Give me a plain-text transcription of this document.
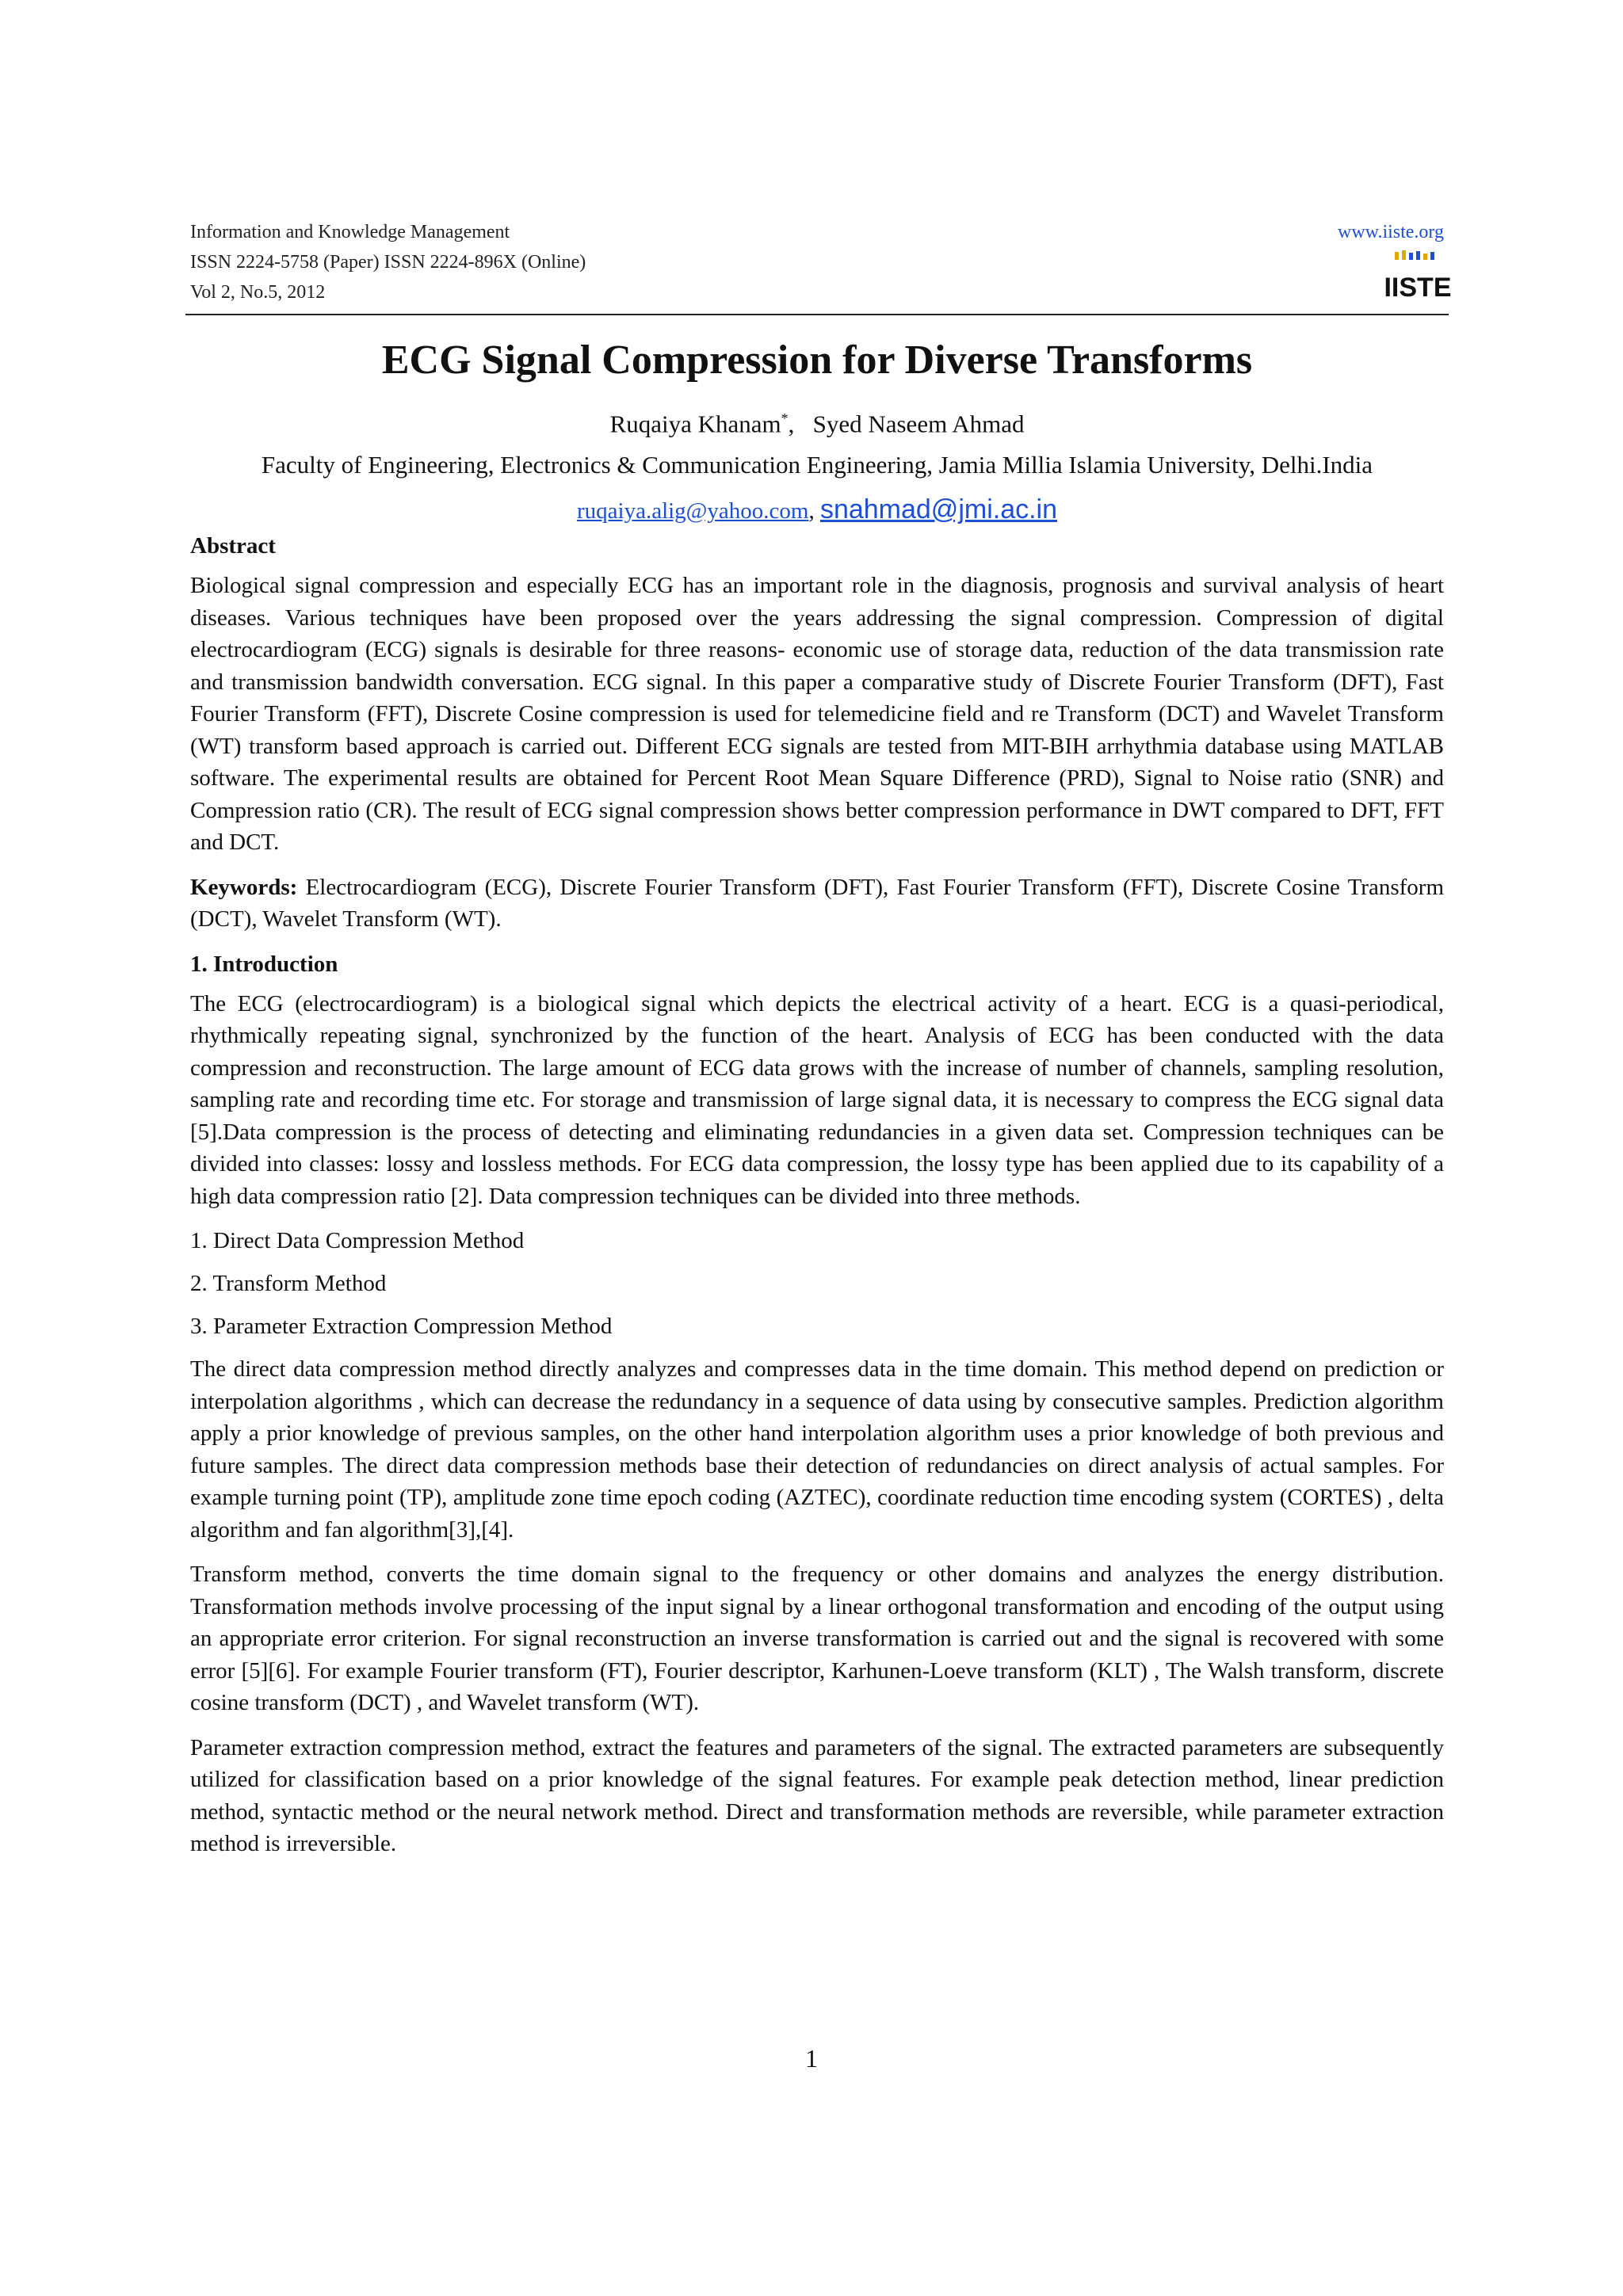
Information and Knowledge Management
ISSN 2224-5758 (Paper) ISSN 2224-896X (Online)
Vol 2, No.5, 2012
www.iiste.org
IISTE
ECG Signal Compression for Diverse Transforms
Ruqaiya Khanam*, Syed Naseem Ahmad
Faculty of Engineering, Electronics & Communication Engineering, Jamia Millia Islamia University, Delhi.India
ruqaiya.alig@yahoo.com, snahmad@jmi.ac.in
Abstract

Biological signal compression and especially ECG has an important role in the diagnosis, prognosis and survival analysis of heart diseases. Various techniques have been proposed over the years addressing the signal compression. Compression of digital electrocardiogram (ECG) signals is desirable for three reasons- economic use of storage data, reduction of the data transmission rate and transmission bandwidth conversation. ECG signal. In this paper a comparative study of Discrete Fourier Transform (DFT), Fast Fourier Transform (FFT), Discrete Cosine compression is used for telemedicine field and re Transform (DCT) and Wavelet Transform (WT) transform based approach is carried out. Different ECG signals are tested from MIT-BIH arrhythmia database using MATLAB software. The experimental results are obtained for Percent Root Mean Square Difference (PRD), Signal to Noise ratio (SNR) and Compression ratio (CR). The result of ECG signal compression shows better compression performance in DWT compared to DFT, FFT and DCT.

Keywords: Electrocardiogram (ECG), Discrete Fourier Transform (DFT), Fast Fourier Transform (FFT), Discrete Cosine Transform (DCT), Wavelet Transform (WT).

1. Introduction

The ECG (electrocardiogram) is a biological signal which depicts the electrical activity of a heart. ECG is a quasi-periodical, rhythmically repeating signal, synchronized by the function of the heart. Analysis of ECG has been conducted with the data compression and reconstruction. The large amount of ECG data grows with the increase of number of channels, sampling resolution, sampling rate and recording time etc. For storage and transmission of large signal data, it is necessary to compress the ECG signal data [5].Data compression is the process of detecting and eliminating redundancies in a given data set. Compression techniques can be divided into classes: lossy and lossless methods. For ECG data compression, the lossy type has been applied due to its capability of a high data compression ratio [2]. Data compression techniques can be divided into three methods.

1. Direct Data Compression Method
2. Transform Method
3. Parameter Extraction Compression Method

The direct data compression method directly analyzes and compresses data in the time domain. This method depend on prediction or interpolation algorithms , which can decrease the redundancy in a sequence of data using by consecutive samples. Prediction algorithm apply a prior knowledge of previous samples, on the other hand interpolation algorithm uses a prior knowledge of both previous and future samples. The direct data compression methods base their detection of redundancies on direct analysis of actual samples. For example turning point (TP), amplitude zone time epoch coding (AZTEC), coordinate reduction time encoding system (CORTES) , delta algorithm and fan algorithm[3],[4].

Transform method, converts the time domain signal to the frequency or other domains and analyzes the energy distribution. Transformation methods involve processing of the input signal by a linear orthogonal transformation and encoding of the output using an appropriate error criterion. For signal reconstruction an inverse transformation is carried out and the signal is recovered with some error [5][6]. For example Fourier transform (FT), Fourier descriptor, Karhunen-Loeve transform (KLT) , The Walsh transform, discrete cosine transform (DCT) , and Wavelet transform (WT).

Parameter extraction compression method, extract the features and parameters of the signal. The extracted parameters are subsequently utilized for classification based on a prior knowledge of the signal features. For example peak detection method, linear prediction method, syntactic method or the neural network method. Direct and transformation methods are reversible, while parameter extraction method is irreversible.

1
